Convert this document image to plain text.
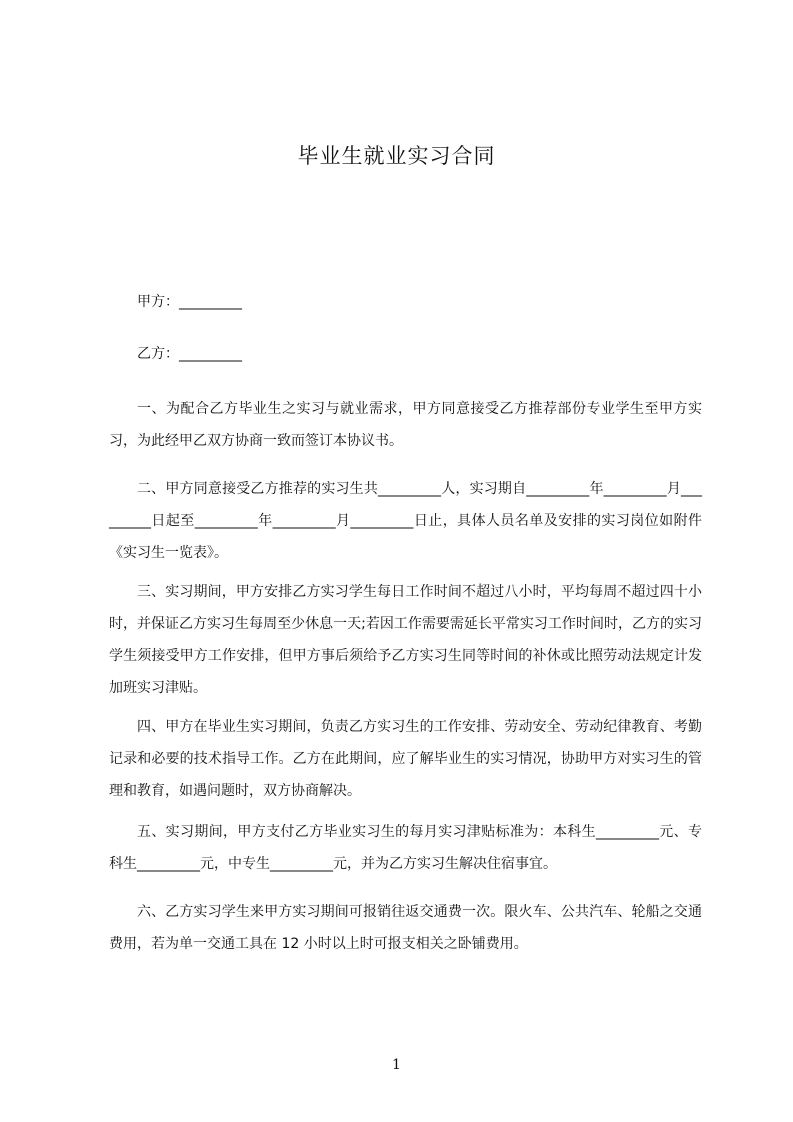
毕业生就业实习合同
甲方：_________
乙方：_________

一、为配合乙方毕业生之实习与就业需求，甲方同意接受乙方推荐部份专业学生至甲方实习，为此经甲乙双方协商一致而签订本协议书。

二、甲方同意接受乙方推荐的实习生共_________人，实习期自_________年_________月_________日起至_________年_________月_________日止，具体人员名单及安排的实习岗位如附件《实习生一览表》。

三、实习期间，甲方安排乙方实习学生每日工作时间不超过八小时，平均每周不超过四十小时，并保证乙方实习生每周至少休息一天;若因工作需要需延长平常实习工作时间时，乙方的实习学生须接受甲方工作安排，但甲方事后须给予乙方实习生同等时间的补休或比照劳动法规定计发加班实习津贴。

四、甲方在毕业生实习期间，负责乙方实习生的工作安排、劳动安全、劳动纪律教育、考勤记录和必要的技术指导工作。乙方在此期间，应了解毕业生的实习情况，协助甲方对实习生的管理和教育，如遇问题时，双方协商解决。

五、实习期间，甲方支付乙方毕业实习生的每月实习津贴标准为：本科生_________元、专科生_________元，中专生_________元，并为乙方实习生解决住宿事宜。

六、乙方实习学生来甲方实习期间可报销往返交通费一次。限火车、公共汽车、轮船之交通费用，若为单一交通工具在 12 小时以上时可报支相关之卧铺费用。

1
